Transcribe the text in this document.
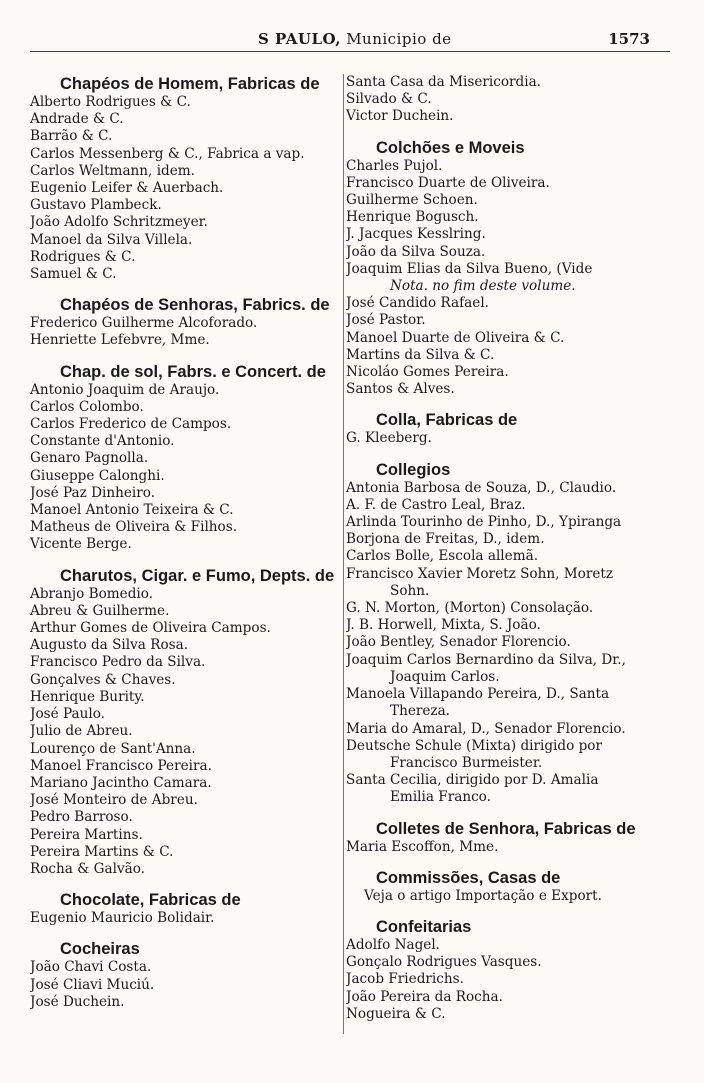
S PAULO, Municipio de	1573
Chapéos de Homem, Fabricas de
Alberto Rodrigues & C.
Andrade & C.
Barrão & C.
Carlos Messenberg & C., Fabrica a vap.
Carlos Weltmann, idem.
Eugenio Leifer & Auerbach.
Gustavo Plambeck.
João Adolfo Schritzmeyer.
Manoel da Silva Villela.
Rodrigues & C.
Samuel & C.
Chapéos de Senhoras, Fabrics. de
Frederico Guilherme Alcoforado.
Henriette Lefebvre, Mme.
Chap. de sol, Fabrs. e Concert. de
Antonio Joaquim de Araujo.
Carlos Colombo.
Carlos Frederico de Campos.
Constante d'Antonio.
Genaro Pagnolla.
Giuseppe Calonghi.
José Paz Dinheiro.
Manoel Antonio Teixeira & C.
Matheus de Oliveira & Filhos.
Vicente Berge.
Charutos, Cigar. e Fumo, Depts. de
Abranjo Bomedio.
Abreu & Guilherme.
Arthur Gomes de Oliveira Campos.
Augusto da Silva Rosa.
Francisco Pedro da Silva.
Gonçalves & Chaves.
Henrique Burity.
José Paulo.
Julio de Abreu.
Lourenço de Sant'Anna.
Manoel Francisco Pereira.
Mariano Jacintho Camara.
José Monteiro de Abreu.
Pedro Barroso.
Pereira Martins.
Pereira Martins & C.
Rocha & Galvão.
Chocolate, Fabricas de
Eugenio Mauricio Bolidair.
Cocheiras
João Chavi Costa.
José Cliavi Muciú.
José Duchein.
Santa Casa da Misericordia.
Silvado & C.
Victor Duchein.
Colchões e Moveis
Charles Pujol.
Francisco Duarte de Oliveira.
Guilherme Schoen.
Henrique Bogusch.
J. Jacques Kesslring.
João da Silva Souza.
Joaquim Elias da Silva Bueno, (Vide
Nota. no fim deste volume.
José Candido Rafael.
José Pastor.
Manoel Duarte de Oliveira & C.
Martins da Silva & C.
Nicoláo Gomes Pereira.
Santos & Alves.
Colla, Fabricas de
G. Kleeberg.
Collegios
Antonia Barbosa de Souza, D., Claudio.
A. F. de Castro Leal, Braz.
Arlinda Tourinho de Pinho, D., Ypiranga
Borjona de Freitas, D., idem.
Carlos Bolle, Escola allemã.
Francisco Xavier Moretz Sohn, Moretz
Sohn.
G. N. Morton, (Morton) Consolação.
J. B. Horwell, Mixta, S. João.
João Bentley, Senador Florencio.
Joaquim Carlos Bernardino da Silva, Dr.,
Joaquim Carlos.
Manoela Villapando Pereira, D., Santa
Thereza.
Maria do Amaral, D., Senador Florencio.
Deutsche Schule (Mixta) dirigido por
Francisco Burmeister.
Santa Cecilia, dirigido por D. Amalia
Emilia Franco.
Colletes de Senhora, Fabricas de
Maria Escoffon, Mme.
Commissões, Casas de
Veja o artigo Importação e Export.
Confeitarias
Adolfo Nagel.
Gonçalo Rodrigues Vasques.
Jacob Friedrichs.
João Pereira da Rocha.
Nogueira & C.
